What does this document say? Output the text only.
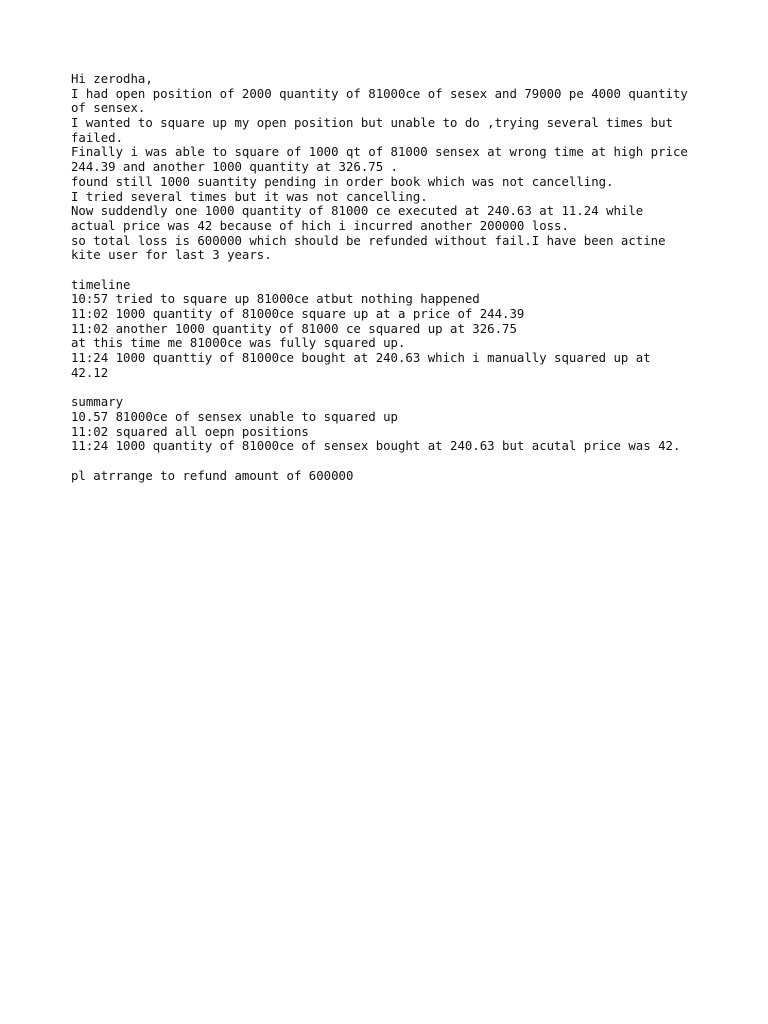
Hi zerodha,
I had open position of 2000 quantity of 81000ce of sesex and 79000 pe 4000 quantity
of sensex.
I wanted to square up my open position but unable to do ,trying several times but
failed.
Finally i was able to square of 1000 qt of 81000 sensex at wrong time at high price
244.39 and another 1000 quantity at 326.75 .
found still 1000 suantity pending in order book which was not cancelling.
I tried several times but it was not cancelling.
Now suddendly one 1000 quantity of 81000 ce executed at 240.63 at 11.24 while
actual price was 42 because of hich i incurred another 200000 loss.
so total loss is 600000 which should be refunded without fail.I have been actine
kite user for last 3 years.
timeline
10:57 tried to square up 81000ce atbut nothing happened
11:02 1000 quantity of 81000ce square up at a price of 244.39
11:02 another 1000 quantity of 81000 ce squared up at 326.75
at this time me 81000ce was fully squared up.
11:24 1000 quanttiy of 81000ce bought at 240.63 which i manually squared up at
42.12
summary
10.57 81000ce of sensex unable to squared up
11:02 squared all oepn positions
11:24 1000 quantity of 81000ce of sensex bought at 240.63 but acutal price was 42.
pl atrrange to refund amount of 600000
